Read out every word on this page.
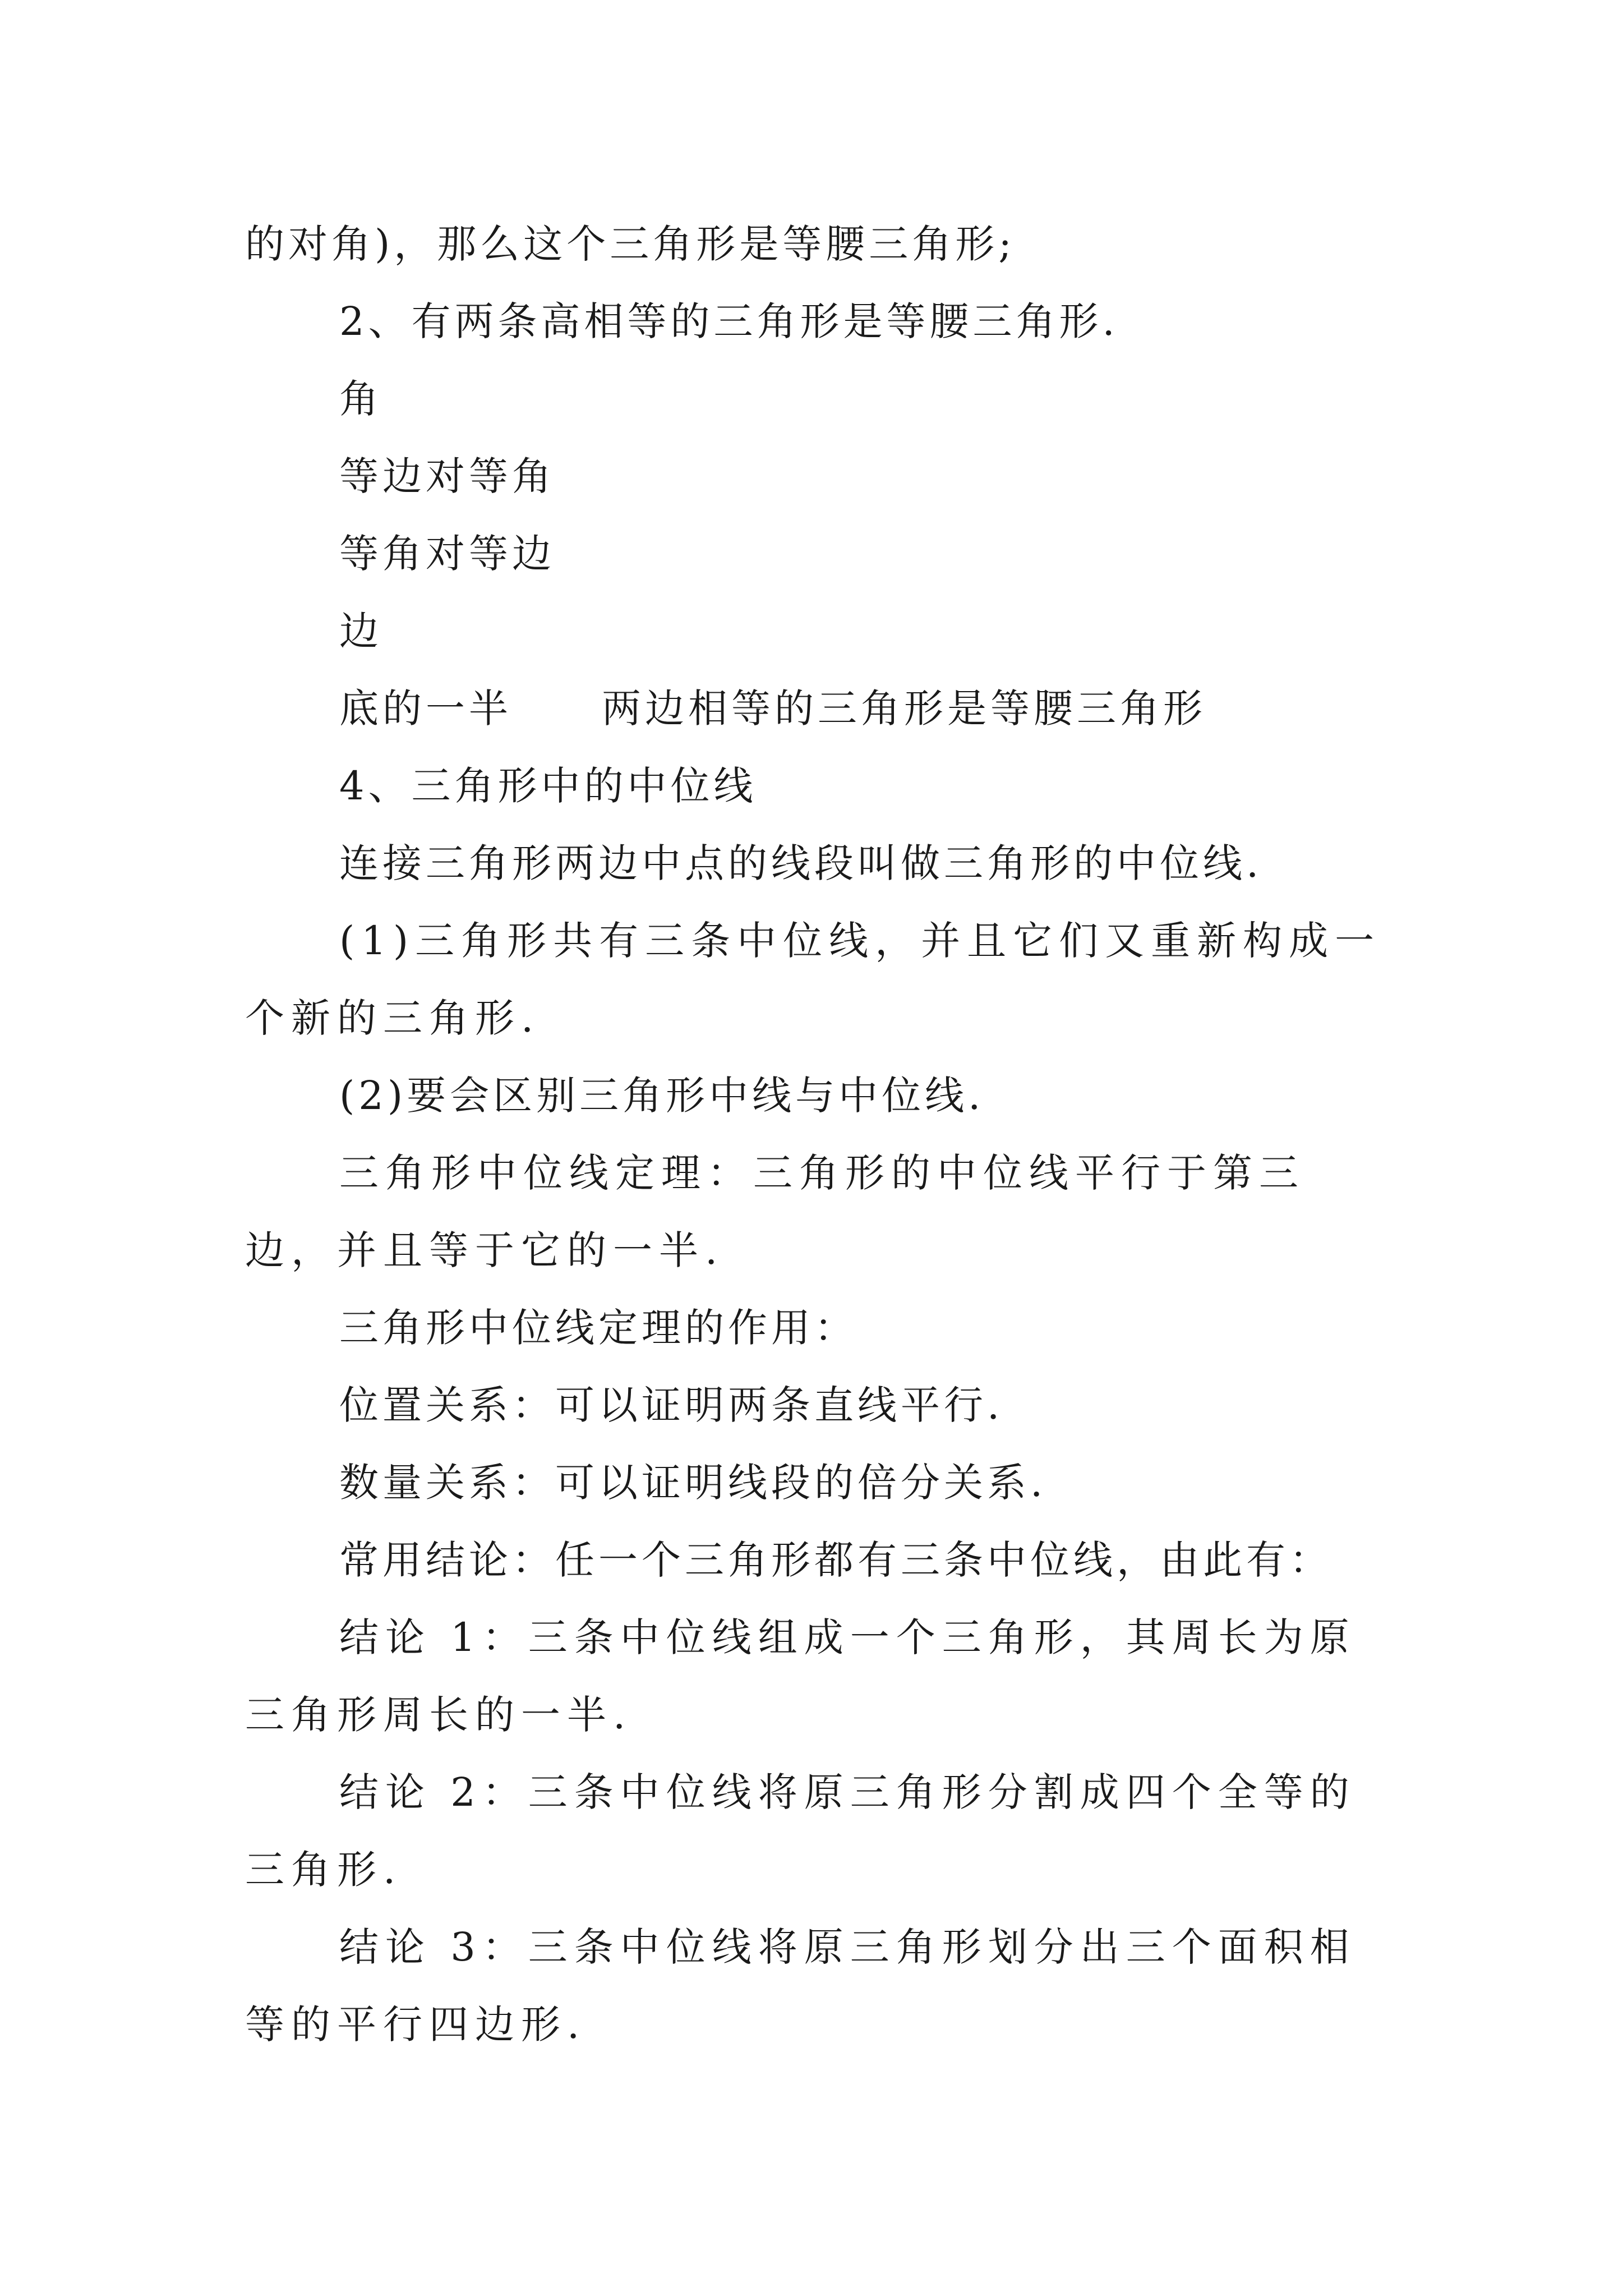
的对角)，那么这个三角形是等腰三角形;

2、有两条高相等的三角形是等腰三角形.

角

等边对等角

等角对等边

边

底的一半	两边相等的三角形是等腰三角形

4、三角形中的中位线

连接三角形两边中点的线段叫做三角形的中位线.

(1)三角形共有三条中位线，并且它们又重新构成一个新的三角形.

(2)要会区别三角形中线与中位线.

三角形中位线定理：三角形的中位线平行于第三边，并且等于它的一半.

三角形中位线定理的作用：

位置关系：可以证明两条直线平行.

数量关系：可以证明线段的倍分关系.

常用结论：任一个三角形都有三条中位线，由此有：

结论 1：三条中位线组成一个三角形，其周长为原三角形周长的一半.

结论 2：三条中位线将原三角形分割成四个全等的三角形.

结论 3：三条中位线将原三角形划分出三个面积相等的平行四边形.
